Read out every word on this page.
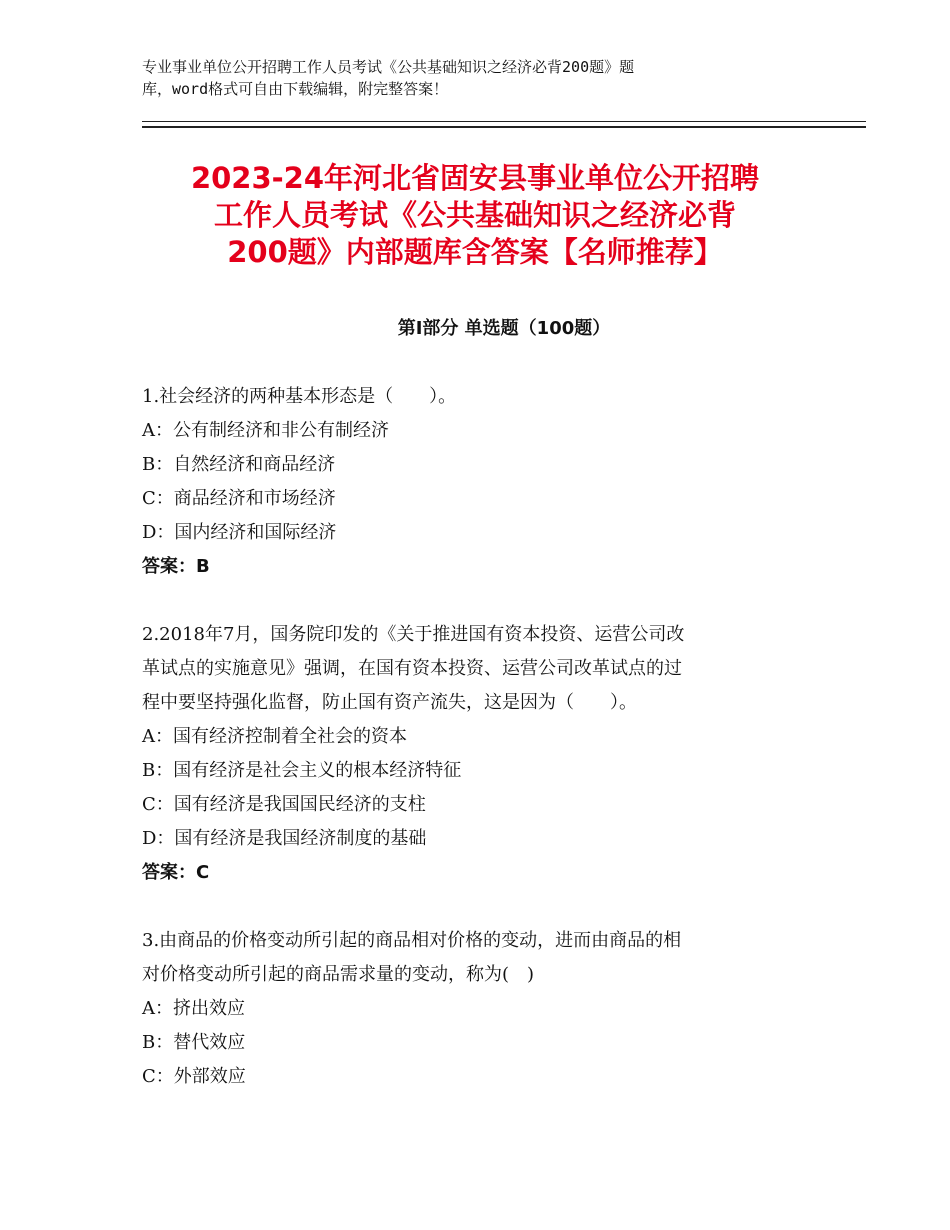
专业事业单位公开招聘工作人员考试《公共基础知识之经济必背200题》题
库，word格式可自由下载编辑，附完整答案！
2023-24年河北省固安县事业单位公开招聘
工作人员考试《公共基础知识之经济必背
200题》内部题库含答案【名师推荐】
第Ⅰ部分 单选题（100题）
1.社会经济的两种基本形态是（　　）。
A：公有制经济和非公有制经济
B：自然经济和商品经济
C：商品经济和市场经济
D：国内经济和国际经济
答案：B
2.2018年7月，国务院印发的《关于推进国有资本投资、运营公司改
革试点的实施意见》强调，在国有资本投资、运营公司改革试点的过
程中要坚持强化监督，防止国有资产流失，这是因为（　　）。
A：国有经济控制着全社会的资本
B：国有经济是社会主义的根本经济特征
C：国有经济是我国国民经济的支柱
D：国有经济是我国经济制度的基础
答案：C
3.由商品的价格变动所引起的商品相对价格的变动，进而由商品的相
对价格变动所引起的商品需求量的变动，称为(　)
A：挤出效应
B：替代效应
C：外部效应
